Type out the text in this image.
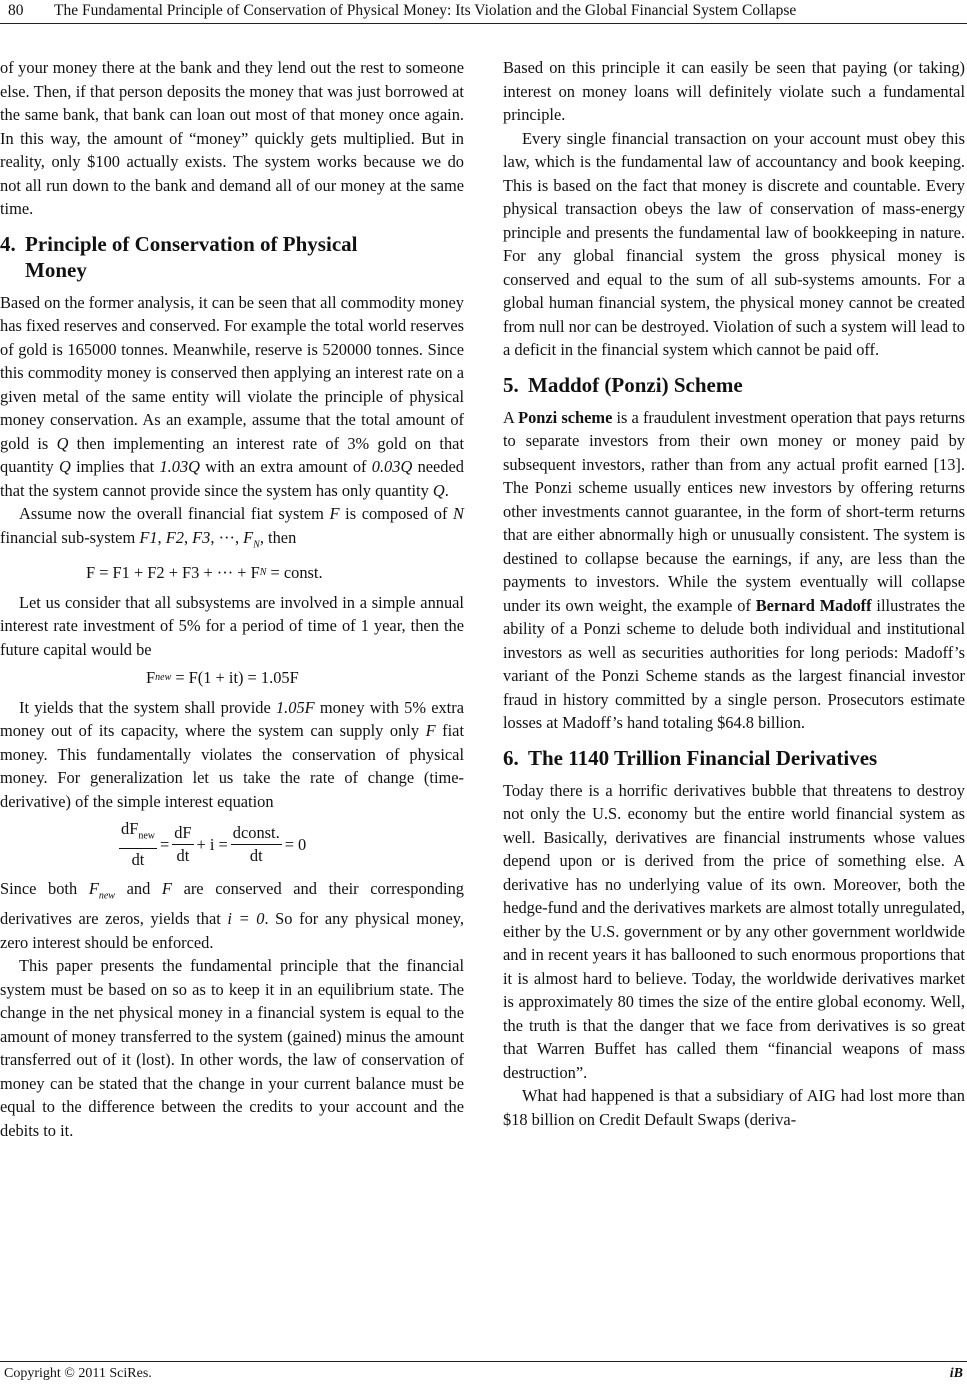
80 The Fundamental Principle of Conservation of Physical Money: Its Violation and the Global Financial System Collapse

of your money there at the bank and they lend out the rest to someone else. Then, if that person deposits the money that was just borrowed at the same bank, that bank can loan out most of that money once again. In this way, the amount of “money” quickly gets multiplied. But in reality, only $100 actually exists. The system works because we do not all run down to the bank and demand all of our money at the same time.

4. Principle of Conservation of Physical
Money

Based on the former analysis, it can be seen that all commodity money has fixed reserves and conserved. For example the total world reserves of gold is 165000 tonnes. Meanwhile, reserve is 520000 tonnes. Since this commodity money is conserved then applying an interest rate on a given metal of the same entity will violate the principle of physical money conservation. As an example, assume that the total amount of gold is Q then implementing an interest rate of 3% gold on that quantity Q implies that 1.03Q with an extra amount of 0.03Q needed that the system cannot provide since the system has only quantity Q.

Assume now the overall financial fiat system F is composed of N financial sub-system F1, F2, F3, ···, $F_N$, then

F = F1 + F2 + F3 + ··· + F N
= const.

Let us consider that all subsystems are involved in a simple annual interest rate investment of 5% for a period of time of 1 year, then the future capital would be

F new
= F(1 + it) = 1.05F

It yields that the system shall provide 1.05F money with 5% extra money out of its capacity, where the system can supply only F fiat money. This fundamentally violates the conservation of physical money. For generalization let us take the rate of change (time-derivative) of the simple interest equation

$\frac{dF_{new}}{dt} = \frac{dF}{dt} + i = \frac{\text{dconst.}}{dt} = 0$

Since both $F_{new}$ and F are conserved and their corresponding derivatives are zeros, yields that i = 0. So for any physical money, zero interest should be enforced.

This paper presents the fundamental principle that the financial system must be based on so as to keep it in an equilibrium state. The change in the net physical money in a financial system is equal to the amount of money transferred to the system (gained) minus the amount transferred out of it (lost). In other words, the law of conservation of money can be stated that the change in your current balance must be equal to the difference between the credits to your account and the debits to it.

Based on this principle it can easily be seen that paying (or taking) interest on money loans will definitely violate such a fundamental principle.

Every single financial transaction on your account must obey this law, which is the fundamental law of accountancy and book keeping. This is based on the fact that money is discrete and countable. Every physical transaction obeys the law of conservation of mass-energy principle and presents the fundamental law of bookkeeping in nature. For any global financial system the gross physical money is conserved and equal to the sum of all sub-systems amounts. For a global human financial system, the physical money cannot be created from null nor can be destroyed. Violation of such a system will lead to a deficit in the financial system which cannot be paid off.

5. Maddof (Ponzi) Scheme

A Ponzi scheme is a fraudulent investment operation that pays returns to separate investors from their own money or money paid by subsequent investors, rather than from any actual profit earned [13]. The Ponzi scheme usually entices new investors by offering returns other investments cannot guarantee, in the form of short-term returns that are either abnormally high or unusually consistent. The system is destined to collapse because the earnings, if any, are less than the payments to investors. While the system eventually will collapse under its own weight, the example of Bernard Madoff illustrates the ability of a Ponzi scheme to delude both individual and institutional investors as well as securities authorities for long periods: Madoff’s variant of the Ponzi Scheme stands as the largest financial investor fraud in history committed by a single person. Prosecutors estimate losses at Madoff’s hand totaling $64.8 billion.

6. The 1140 Trillion Financial Derivatives

Today there is a horrific derivatives bubble that threatens to destroy not only the U.S. economy but the entire world financial system as well. Basically, derivatives are financial instruments whose values depend upon or is derived from the price of something else. A derivative has no underlying value of its own. Moreover, both the hedge-fund and the derivatives markets are almost totally unregulated, either by the U.S. government or by any other government worldwide and in recent years it has ballooned to such enormous proportions that it is almost hard to believe. Today, the worldwide derivatives market is approximately 80 times the size of the entire global economy. Well, the truth is that the danger that we face from derivatives is so great that Warren Buffet has called them “financial weapons of mass destruction”.

What had happened is that a subsidiary of AIG had lost more than $18 billion on Credit Default Swaps (deriva-

Copyright © 2011 SciRes.	iB
